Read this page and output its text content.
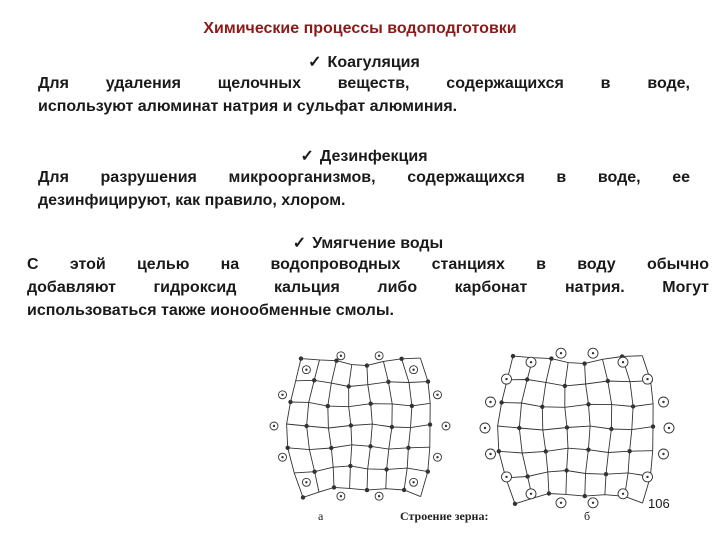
Химические процессы водоподготовки
✓ Коагуляция
Для удаления щелочных веществ, содержащихся в воде,
используют алюминат натрия и сульфат алюминия.
✓ Дезинфекция
Для разрушения микроорганизмов, содержащихся в воде, ее
дезинфицируют, как правило, хлором.
✓ Умягчение воды
С этой целью на водопроводных станциях в воду обычно
добавляют гидроксид кальция либо карбонат натрия. Могут
использоваться также ионообменные смолы.
106
а	Строение зерна:	б
